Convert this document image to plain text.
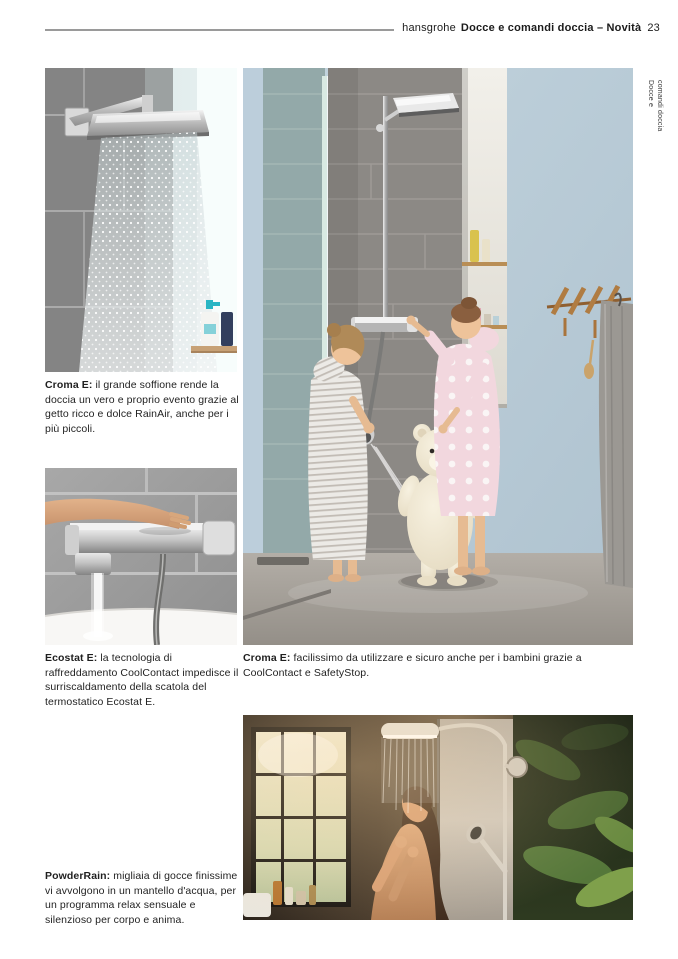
hansgrohe Docce e comandi doccia – Novità 23
Docce e comandi doccia

Croma E: il grande soffione rende la doccia un vero e proprio evento grazie al getto ricco e dolce RainAir, anche per i più piccoli.

Ecostat E: la tecnologia di raffreddamento CoolContact impedisce il surriscaldamento della scatola del termostatico Ecostat E.

Croma E: facilissimo da utilizzare e sicuro anche per i bambini grazie a CoolContact e SafetyStop.

PowderRain: migliaia di gocce finissime vi avvolgono in un mantello d'acqua, per un programma relax sensuale e silenzioso per corpo e anima.
